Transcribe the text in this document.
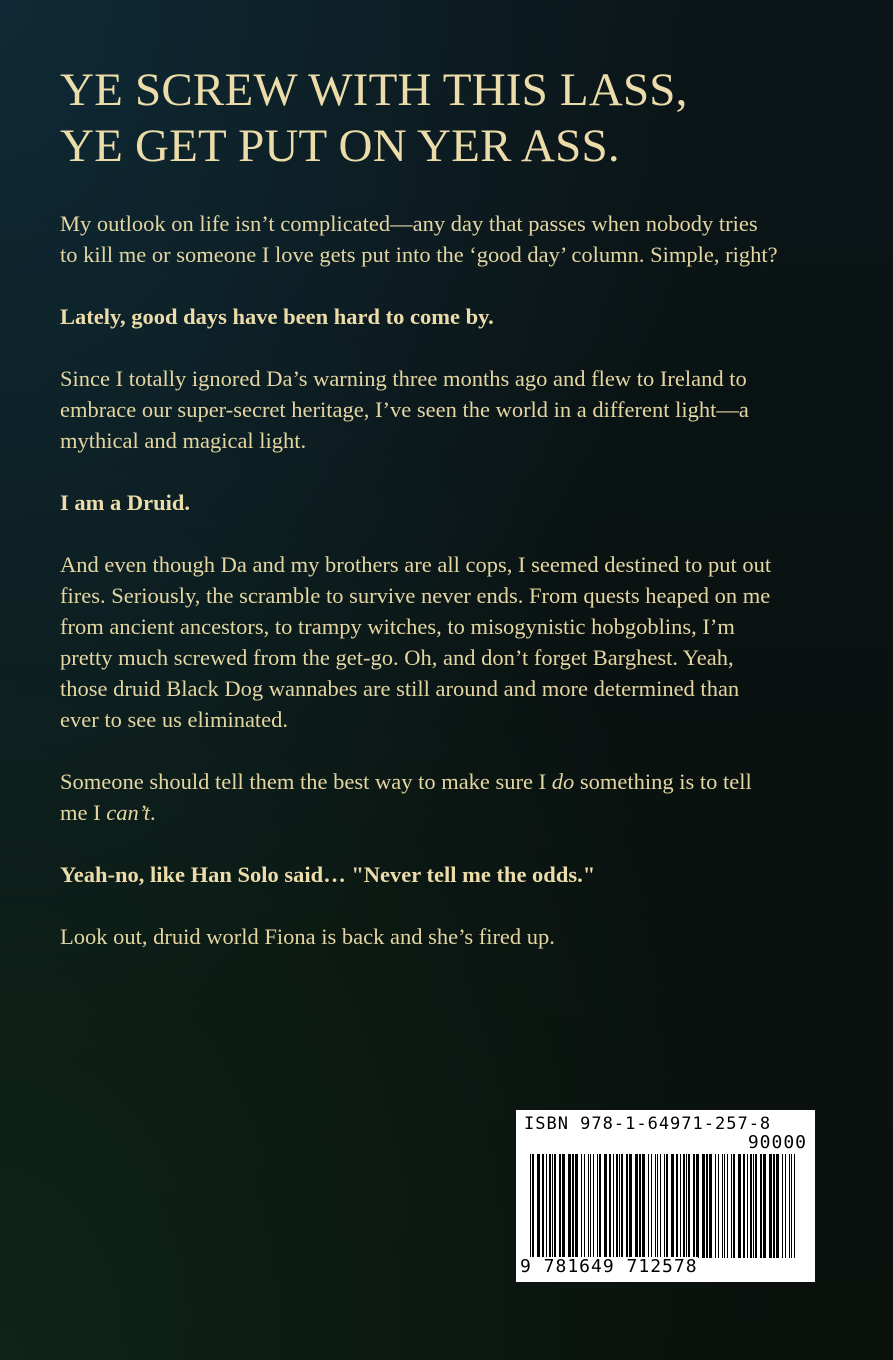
YE SCREW WITH THIS LASS,
YE GET PUT ON YER ASS.

My outlook on life isn’t complicated—any day that passes when nobody tries to kill me or someone I love gets put into the ‘good day’ column. Simple, right?

Lately, good days have been hard to come by.

Since I totally ignored Da’s warning three months ago and flew to Ireland to embrace our super-secret heritage, I’ve seen the world in a different light—a mythical and magical light.

I am a Druid.

And even though Da and my brothers are all cops, I seemed destined to put out fires. Seriously, the scramble to survive never ends. From quests heaped on me from ancient ancestors, to trampy witches, to misogynistic hobgoblins, I’m pretty much screwed from the get-go. Oh, and don’t forget Barghest. Yeah, those druid Black Dog wannabes are still around and more determined than ever to see us eliminated.

Someone should tell them the best way to make sure I do something is to tell me I can’t.

Yeah-no, like Han Solo said… "Never tell me the odds."

Look out, druid world Fiona is back and she’s fired up.

ISBN 978-1-64971-257-8
90000
9 781649 712578
